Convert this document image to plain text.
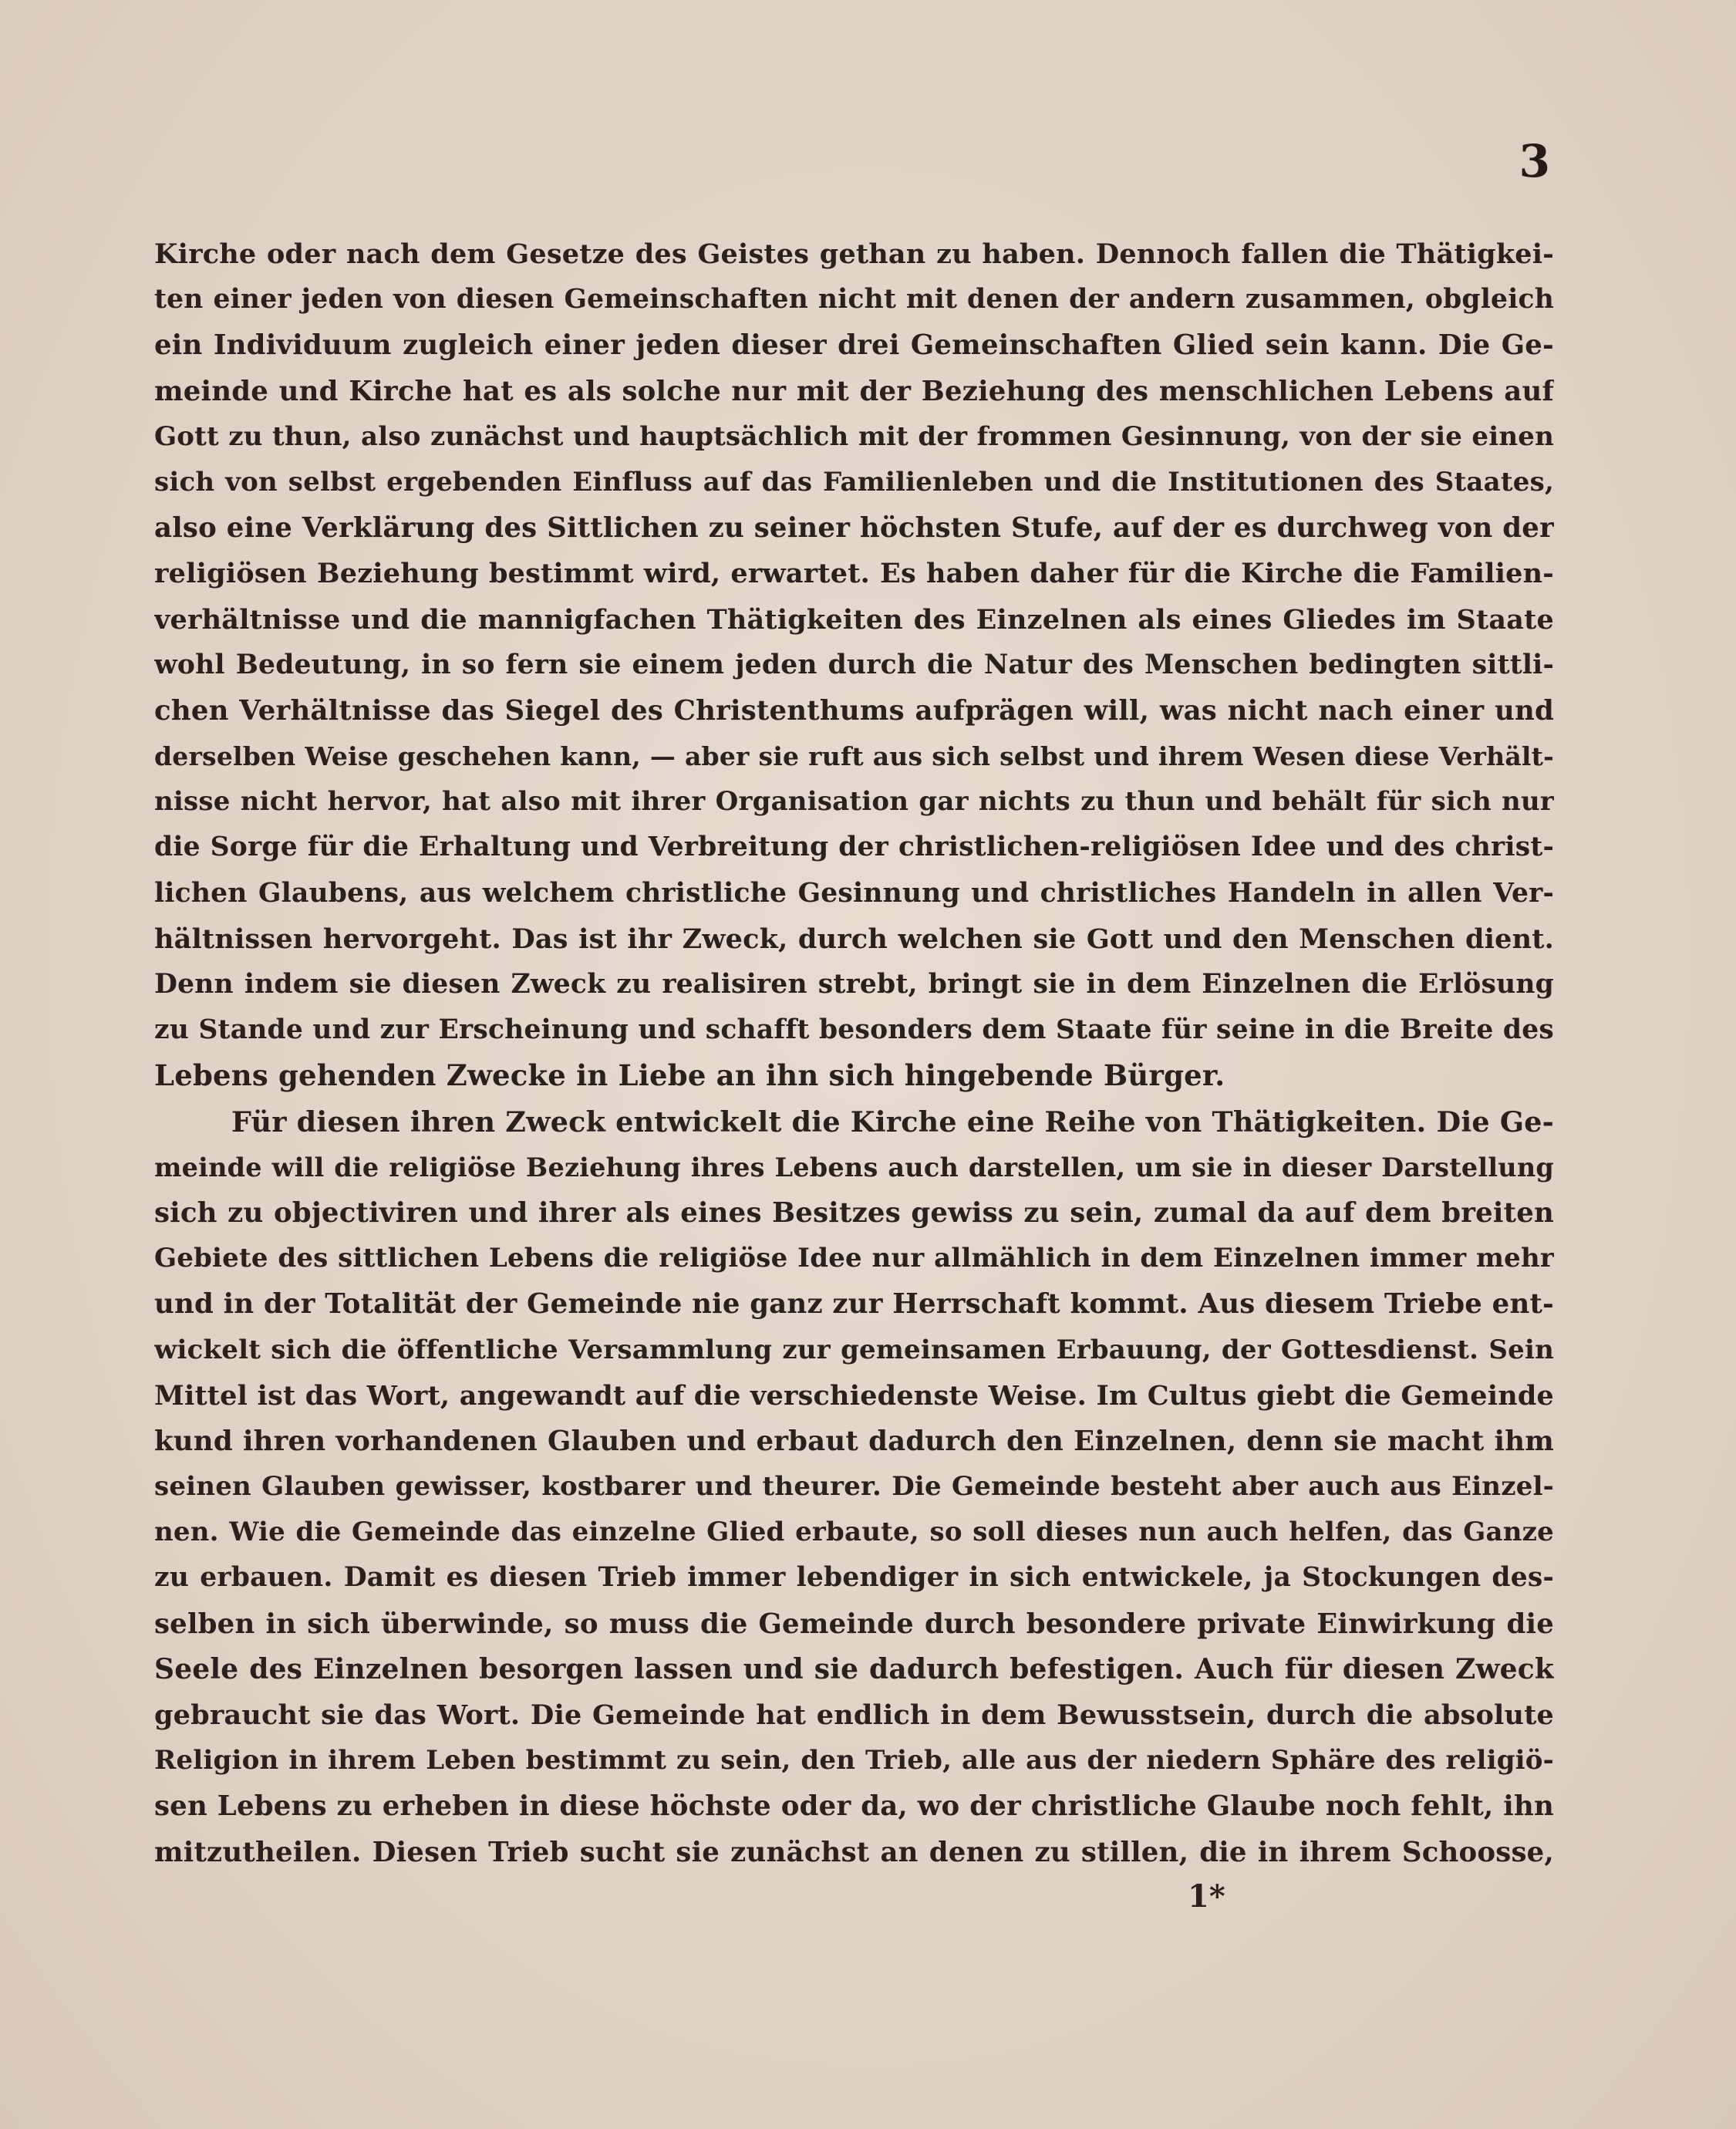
3
Kirche oder nach dem Gesetze des Geistes gethan zu haben. Dennoch fallen die Thätigkei-
ten einer jeden von diesen Gemeinschaften nicht mit denen der andern zusammen, obgleich
ein Individuum zugleich einer jeden dieser drei Gemeinschaften Glied sein kann. Die Ge-
meinde und Kirche hat es als solche nur mit der Beziehung des menschlichen Lebens auf
Gott zu thun, also zunächst und hauptsächlich mit der frommen Gesinnung, von der sie einen
sich von selbst ergebenden Einfluss auf das Familienleben und die Institutionen des Staates,
also eine Verklärung des Sittlichen zu seiner höchsten Stufe, auf der es durchweg von der
religiösen Beziehung bestimmt wird, erwartet. Es haben daher für die Kirche die Familien-
verhältnisse und die mannigfachen Thätigkeiten des Einzelnen als eines Gliedes im Staate
wohl Bedeutung, in so fern sie einem jeden durch die Natur des Menschen bedingten sittli-
chen Verhältnisse das Siegel des Christenthums aufprägen will, was nicht nach einer und
derselben Weise geschehen kann, — aber sie ruft aus sich selbst und ihrem Wesen diese Verhält-
nisse nicht hervor, hat also mit ihrer Organisation gar nichts zu thun und behält für sich nur
die Sorge für die Erhaltung und Verbreitung der christlichen-religiösen Idee und des christ-
lichen Glaubens, aus welchem christliche Gesinnung und christliches Handeln in allen Ver-
hältnissen hervorgeht. Das ist ihr Zweck, durch welchen sie Gott und den Menschen dient.
Denn indem sie diesen Zweck zu realisiren strebt, bringt sie in dem Einzelnen die Erlösung
zu Stande und zur Erscheinung und schafft besonders dem Staate für seine in die Breite des
Lebens gehenden Zwecke in Liebe an ihn sich hingebende Bürger.
Für diesen ihren Zweck entwickelt die Kirche eine Reihe von Thätigkeiten. Die Ge-
meinde will die religiöse Beziehung ihres Lebens auch darstellen, um sie in dieser Darstellung
sich zu objectiviren und ihrer als eines Besitzes gewiss zu sein, zumal da auf dem breiten
Gebiete des sittlichen Lebens die religiöse Idee nur allmählich in dem Einzelnen immer mehr
und in der Totalität der Gemeinde nie ganz zur Herrschaft kommt. Aus diesem Triebe ent-
wickelt sich die öffentliche Versammlung zur gemeinsamen Erbauung, der Gottesdienst. Sein
Mittel ist das Wort, angewandt auf die verschiedenste Weise. Im Cultus giebt die Gemeinde
kund ihren vorhandenen Glauben und erbaut dadurch den Einzelnen, denn sie macht ihm
seinen Glauben gewisser, kostbarer und theurer. Die Gemeinde besteht aber auch aus Einzel-
nen. Wie die Gemeinde das einzelne Glied erbaute, so soll dieses nun auch helfen, das Ganze
zu erbauen. Damit es diesen Trieb immer lebendiger in sich entwickele, ja Stockungen des-
selben in sich überwinde, so muss die Gemeinde durch besondere private Einwirkung die
Seele des Einzelnen besorgen lassen und sie dadurch befestigen. Auch für diesen Zweck
gebraucht sie das Wort. Die Gemeinde hat endlich in dem Bewusstsein, durch die absolute
Religion in ihrem Leben bestimmt zu sein, den Trieb, alle aus der niedern Sphäre des religiö-
sen Lebens zu erheben in diese höchste oder da, wo der christliche Glaube noch fehlt, ihn
mitzutheilen. Diesen Trieb sucht sie zunächst an denen zu stillen, die in ihrem Schoosse,
1*
